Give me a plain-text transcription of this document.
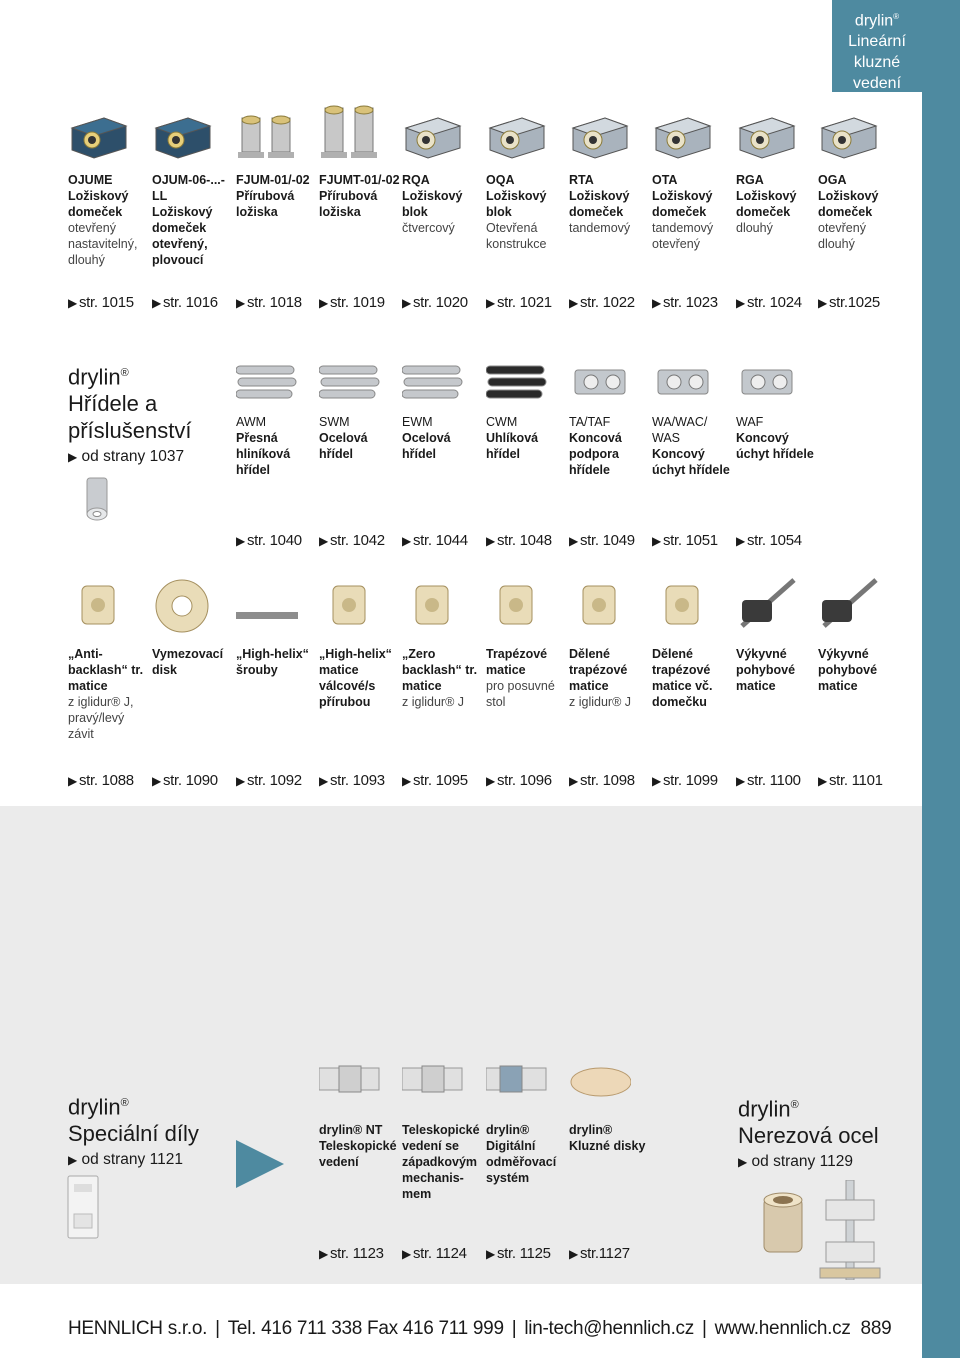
drylin®
Lineární
kluzné
vedení
OJUME
Ložiskový domeček
otevřený nastavitelný, dlouhý
▶ str. 1015
OJUM-06-...-LL
Ložiskový domeček otevřený, plovoucí
▶ str. 1016
FJUM-01/-02
Přírubová ložiska
▶ str. 1018
FJUMT-01/-02
Přírubová ložiska
▶ str. 1019
RQA
Ložiskový blok
čtvercový
▶ str. 1020
OQA
Ložiskový blok
Otevřená konstrukce
▶ str. 1021
RTA
Ložiskový domeček
tandemový
▶ str. 1022
OTA
Ložiskový domeček
tandemový otevřený
▶ str. 1023
RGA
Ložiskový domeček
dlouhý
▶ str. 1024
OGA
Ložiskový domeček
otevřený dlouhý
▶ str.1025
drylin®
Hřídele a
příslušenství
▶ od strany 1037
AWM
Přesná hliníková hřídel
▶ str. 1040
SWM
Ocelová hřídel
▶ str. 1042
EWM
Ocelová hřídel
▶ str. 1044
CWM
Uhlíková hřídel
▶ str. 1048
TA/TAF
Koncová podpora hřídele
▶ str. 1049
WA/WAC/ WAS
Koncový úchyt hřídele
▶ str. 1051
WAF
Koncový úchyt hřídele
▶ str. 1054
„Anti-backlash“ tr. matice
z iglidur® J, pravý/levý závit
▶ str. 1088
Vymezovací disk
▶ str. 1090
„High-helix“ šrouby
▶ str. 1092
„High-helix“ matice válcové/s přírubou
▶ str. 1093
„Zero backlash“ tr. matice
z iglidur® J
▶ str. 1095
Trapézové matice
pro posuvné stol
▶ str. 1096
Dělené trapézové matice
z iglidur® J
▶ str. 1098
Dělené trapézové matice vč. domečku
▶ str. 1099
Výkyvné pohybové matice
▶ str. 1100
Výkyvné pohybové matice
▶ str. 1101
drylin®
Speciální díly
▶ od strany 1121
drylin® NT Teleskopické vedení
▶ str. 1123
Teleskopické vedení se západkovým mechanis-mem
▶ str. 1124
drylin® Digitální odměřovací systém
▶ str. 1125
drylin® Kluzné disky
▶ str.1127
drylin®
Nerezová ocel
▶ od strany 1129
HENNLICH s.r.o. | Tel. 416 711 338 Fax 416 711 999 | lin-tech@hennlich.cz | www.hennlich.cz 889
